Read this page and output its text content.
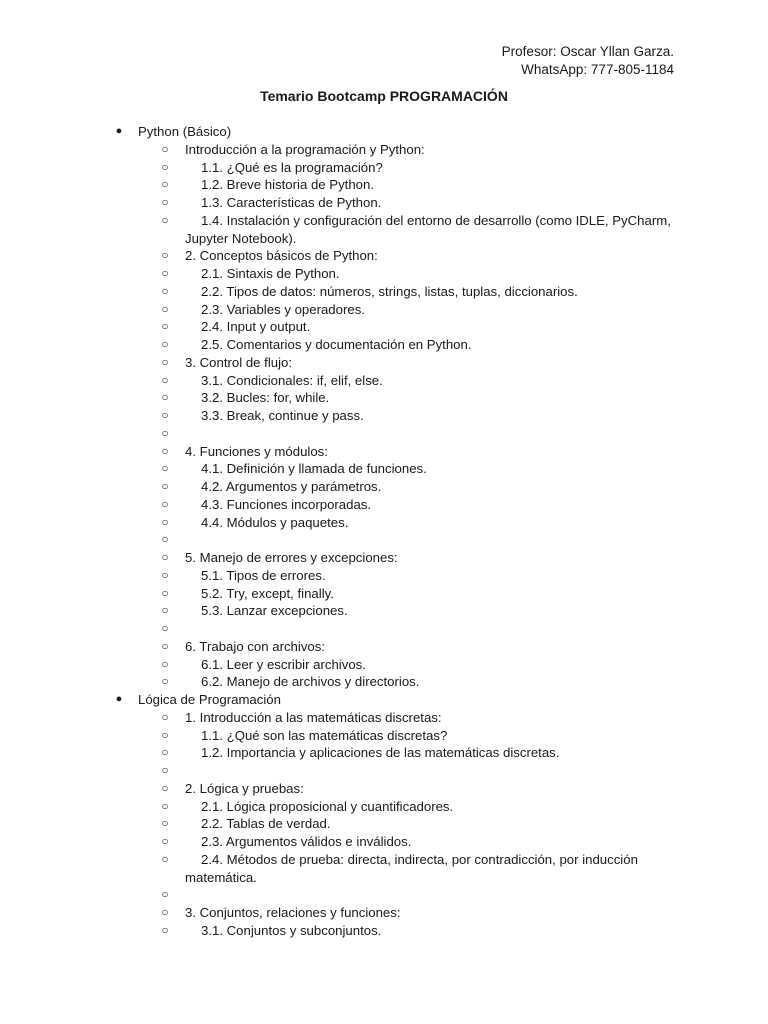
Profesor: Oscar Yllan Garza.
WhatsApp: 777-805-1184
Temario Bootcamp PROGRAMACIÓN
●	Python (Básico)
○	Introducción a la programación y Python:
○	1.1. ¿Qué es la programación?
○	1.2. Breve historia de Python.
○	1.3. Características de Python.
○	1.4. Instalación y configuración del entorno de desarrollo (como IDLE, PyCharm, Jupyter Notebook).
○	2. Conceptos básicos de Python:
○	2.1. Sintaxis de Python.
○	2.2. Tipos de datos: números, strings, listas, tuplas, diccionarios.
○	2.3. Variables y operadores.
○	2.4. Input y output.
○	2.5. Comentarios y documentación en Python.
○	3. Control de flujo:
○	3.1. Condicionales: if, elif, else.
○	3.2. Bucles: for, while.
○	3.3. Break, continue y pass.
○

○	4. Funciones y módulos:
○	4.1. Definición y llamada de funciones.
○	4.2. Argumentos y parámetros.
○	4.3. Funciones incorporadas.
○	4.4. Módulos y paquetes.
○

○	5. Manejo de errores y excepciones:
○	5.1. Tipos de errores.
○	5.2. Try, except, finally.
○	5.3. Lanzar excepciones.
○

○	6. Trabajo con archivos:
○	6.1. Leer y escribir archivos.
○	6.2. Manejo de archivos y directorios.
●	Lógica de Programación
○	1. Introducción a las matemáticas discretas:
○	1.1. ¿Qué son las matemáticas discretas?
○	1.2. Importancia y aplicaciones de las matemáticas discretas.
○

○	2. Lógica y pruebas:
○	2.1. Lógica proposicional y cuantificadores.
○	2.2. Tablas de verdad.
○	2.3. Argumentos válidos e inválidos.
○	2.4. Métodos de prueba: directa, indirecta, por contradicción, por inducción matemática.
○

○	3. Conjuntos, relaciones y funciones:
○	3.1. Conjuntos y subconjuntos.
